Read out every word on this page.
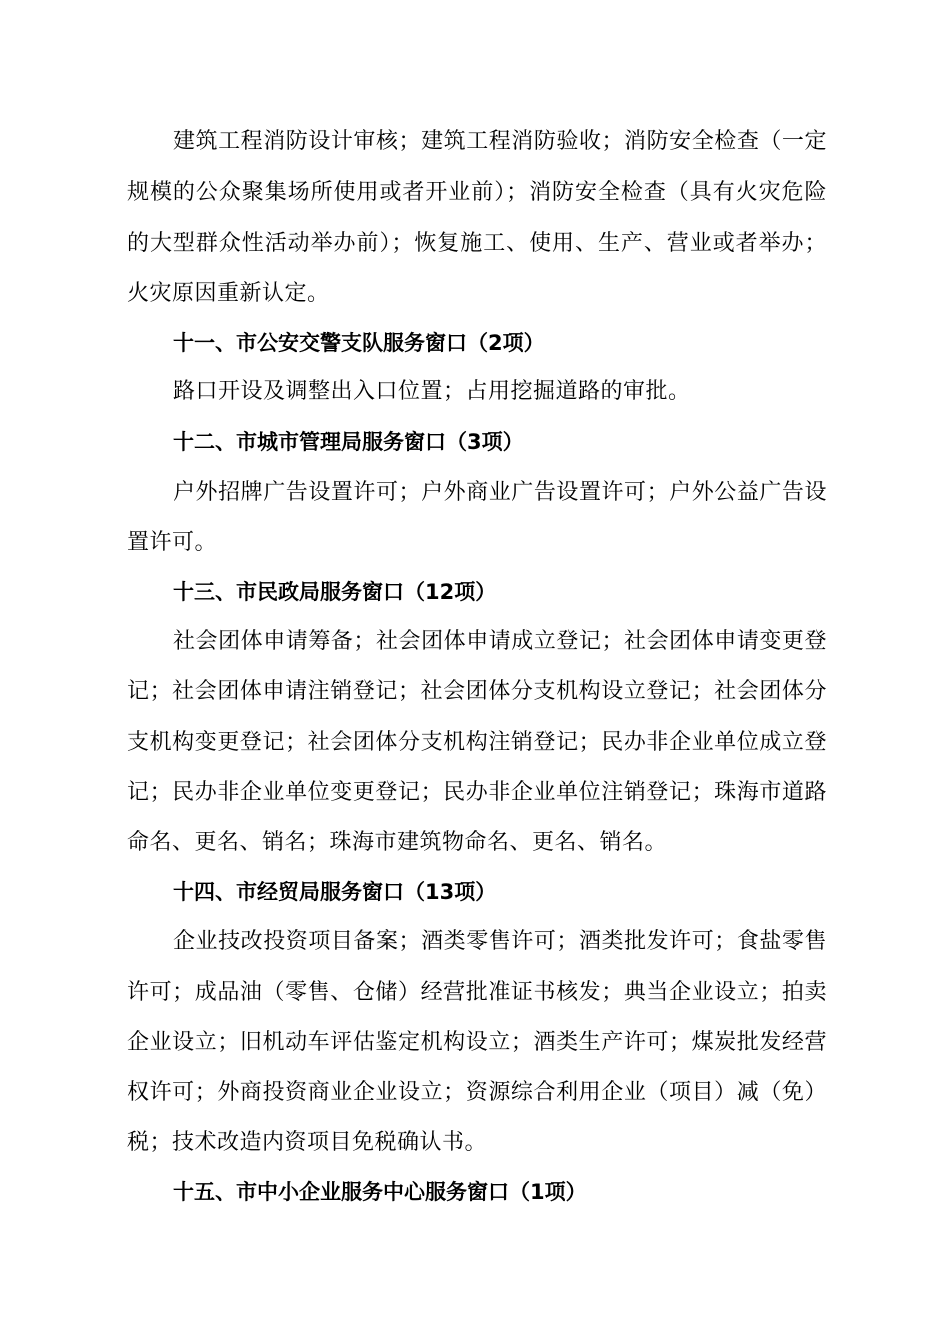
建筑工程消防设计审核；建筑工程消防验收；消防安全检查（一定
规模的公众聚集场所使用或者开业前）；消防安全检查（具有火灾危险
的大型群众性活动举办前）；恢复施工、使用、生产、营业或者举办；
火灾原因重新认定。
十一、市公安交警支队服务窗口（2项）
路口开设及调整出入口位置；占用挖掘道路的审批。
十二、市城市管理局服务窗口（3项）
户外招牌广告设置许可；户外商业广告设置许可；户外公益广告设
置许可。
十三、市民政局服务窗口（12项）
社会团体申请筹备；社会团体申请成立登记；社会团体申请变更登
记；社会团体申请注销登记；社会团体分支机构设立登记；社会团体分
支机构变更登记；社会团体分支机构注销登记；民办非企业单位成立登
记；民办非企业单位变更登记；民办非企业单位注销登记；珠海市道路
命名、更名、销名；珠海市建筑物命名、更名、销名。
十四、市经贸局服务窗口（13项）
企业技改投资项目备案；酒类零售许可；酒类批发许可；食盐零售
许可；成品油（零售、仓储）经营批准证书核发；典当企业设立；拍卖
企业设立；旧机动车评估鉴定机构设立；酒类生产许可；煤炭批发经营
权许可；外商投资商业企业设立；资源综合利用企业（项目）减（免）
税；技术改造内资项目免税确认书。
十五、市中小企业服务中心服务窗口（1项）
